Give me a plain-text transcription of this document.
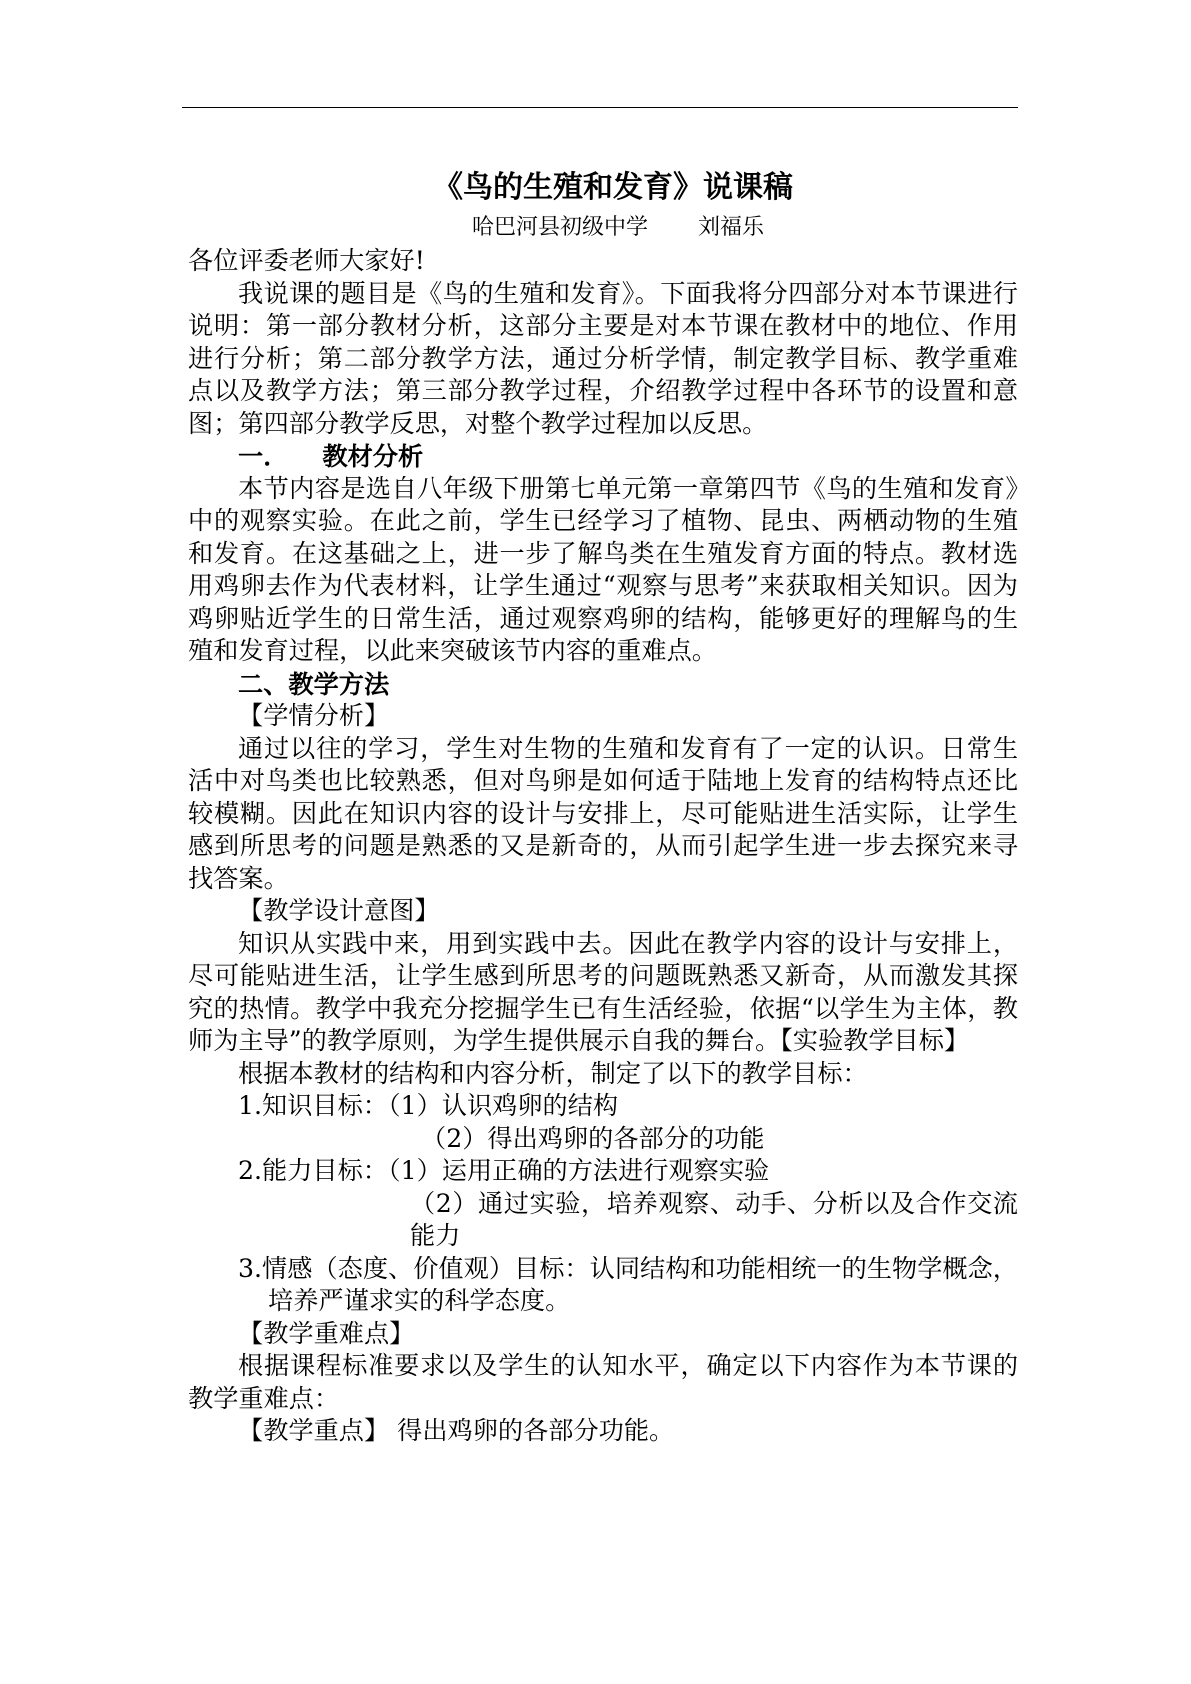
《鸟的生殖和发育》说课稿
哈巴河县初级中学 刘福乐

各位评委老师大家好!

我说课的题目是《鸟的生殖和发育》。下面我将分四部分对本节课进行说明：第一部分教材分析，这部分主要是对本节课在教材中的地位、作用进行分析；第二部分教学方法，通过分析学情，制定教学目标、教学重难点以及教学方法；第三部分教学过程，介绍教学过程中各环节的设置和意图；第四部分教学反思，对整个教学过程加以反思。

一． 教材分析

本节内容是选自八年级下册第七单元第一章第四节《鸟的生殖和发育》中的观察实验。在此之前，学生已经学习了植物、昆虫、两栖动物的生殖和发育。在这基础之上，进一步了解鸟类在生殖发育方面的特点。教材选用鸡卵去作为代表材料，让学生通过“观察与思考”来获取相关知识。因为鸡卵贴近学生的日常生活，通过观察鸡卵的结构，能够更好的理解鸟的生殖和发育过程，以此来突破该节内容的重难点。

二、教学方法

【学情分析】

通过以往的学习，学生对生物的生殖和发育有了一定的认识。日常生活中对鸟类也比较熟悉，但对鸟卵是如何适于陆地上发育的结构特点还比较模糊。因此在知识内容的设计与安排上，尽可能贴进生活实际，让学生感到所思考的问题是熟悉的又是新奇的，从而引起学生进一步去探究来寻找答案。

【教学设计意图】

知识从实践中来，用到实践中去。因此在教学内容的设计与安排上，尽可能贴进生活，让学生感到所思考的问题既熟悉又新奇，从而激发其探究的热情。教学中我充分挖掘学生已有生活经验，依据“以学生为主体，教师为主导”的教学原则，为学生提供展示自我的舞台。【实验教学目标】

根据本教材的结构和内容分析，制定了以下的教学目标：

1.知识目标：（1）认识鸡卵的结构

（2）得出鸡卵的各部分的功能

2.能力目标：（1）运用正确的方法进行观察实验

（2）通过实验，培养观察、动手、分析以及合作交流能力

3.情感（态度、价值观）目标：认同结构和功能相统一的生物学概念，培养严谨求实的科学态度。

【教学重难点】

根据课程标准要求以及学生的认知水平，确定以下内容作为本节课的教学重难点：

【教学重点】 得出鸡卵的各部分功能。
